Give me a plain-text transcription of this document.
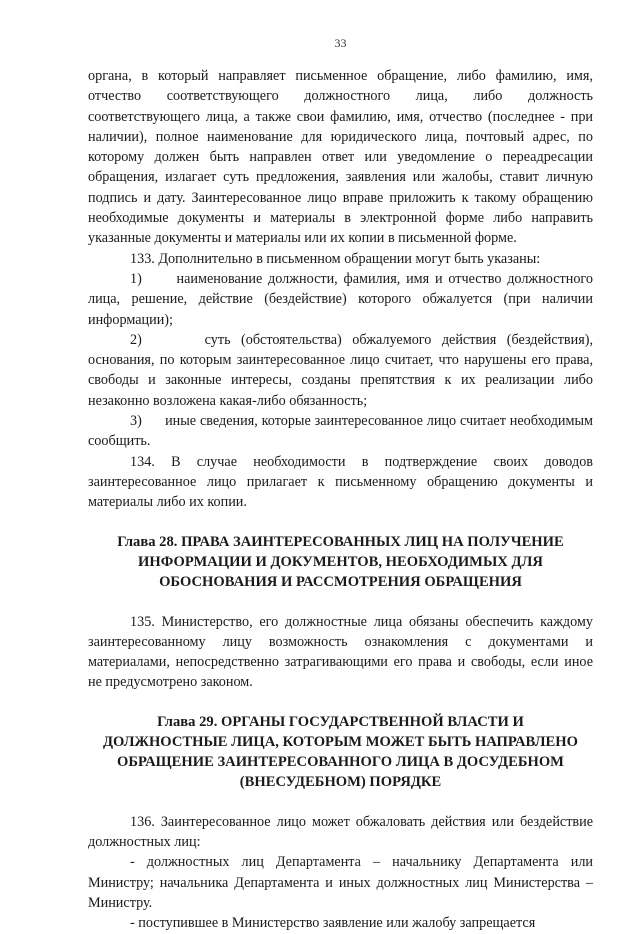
33

органа, в который направляет письменное обращение, либо фамилию, имя, отчество соответствующего должностного лица, либо должность соответствующего лица, а также свои фамилию, имя, отчество (последнее - при наличии), полное наименование для юридического лица, почтовый адрес, по которому должен быть направлен ответ или уведомление о переадресации обращения, излагает суть предложения, заявления или жалобы, ставит личную подпись и дату. Заинтересованное лицо вправе приложить к такому обращению необходимые документы и материалы в электронной форме либо направить указанные документы и материалы или их копии в письменной форме.

133. Дополнительно в письменном обращении могут быть указаны:

1)      наименование должности, фамилия, имя и отчество должностного лица, решение, действие (бездействие) которого обжалуется (при наличии информации);

2)      суть (обстоятельства) обжалуемого действия (бездействия), основания, по которым заинтересованное лицо считает, что нарушены его права, свободы и законные интересы, созданы препятствия к их реализации либо незаконно возложена какая-либо обязанность;

3)      иные сведения, которые заинтересованное лицо считает необходимым сообщить.

134. В случае необходимости в подтверждение своих доводов заинтересованное лицо прилагает к письменному обращению документы и материалы либо их копии.

Глава 28. ПРАВА ЗАИНТЕРЕСОВАННЫХ ЛИЦ НА ПОЛУЧЕНИЕ

ИНФОРМАЦИИ И ДОКУМЕНТОВ, НЕОБХОДИМЫХ ДЛЯ

ОБОСНОВАНИЯ И РАССМОТРЕНИЯ ОБРАЩЕНИЯ

135. Министерство, его должностные лица обязаны обеспечить каждому заинтересованному лицу возможность ознакомления с документами и материалами, непосредственно затрагивающими его права и свободы, если иное не предусмотрено законом.

Глава 29. ОРГАНЫ ГОСУДАРСТВЕННОЙ ВЛАСТИ И

ДОЛЖНОСТНЫЕ ЛИЦА, КОТОРЫМ МОЖЕТ БЫТЬ НАПРАВЛЕНО

ОБРАЩЕНИЕ ЗАИНТЕРЕСОВАННОГО ЛИЦА В ДОСУДЕБНОМ

(ВНЕСУДЕБНОМ) ПОРЯДКЕ

136. Заинтересованное лицо может обжаловать действия или бездействие должностных лиц:

- должностных лиц Департамента – начальнику Департамента или Министру; начальника Департамента и иных должностных лиц Министерства – Министру.

- поступившее в Министерство заявление или жалобу запрещается
